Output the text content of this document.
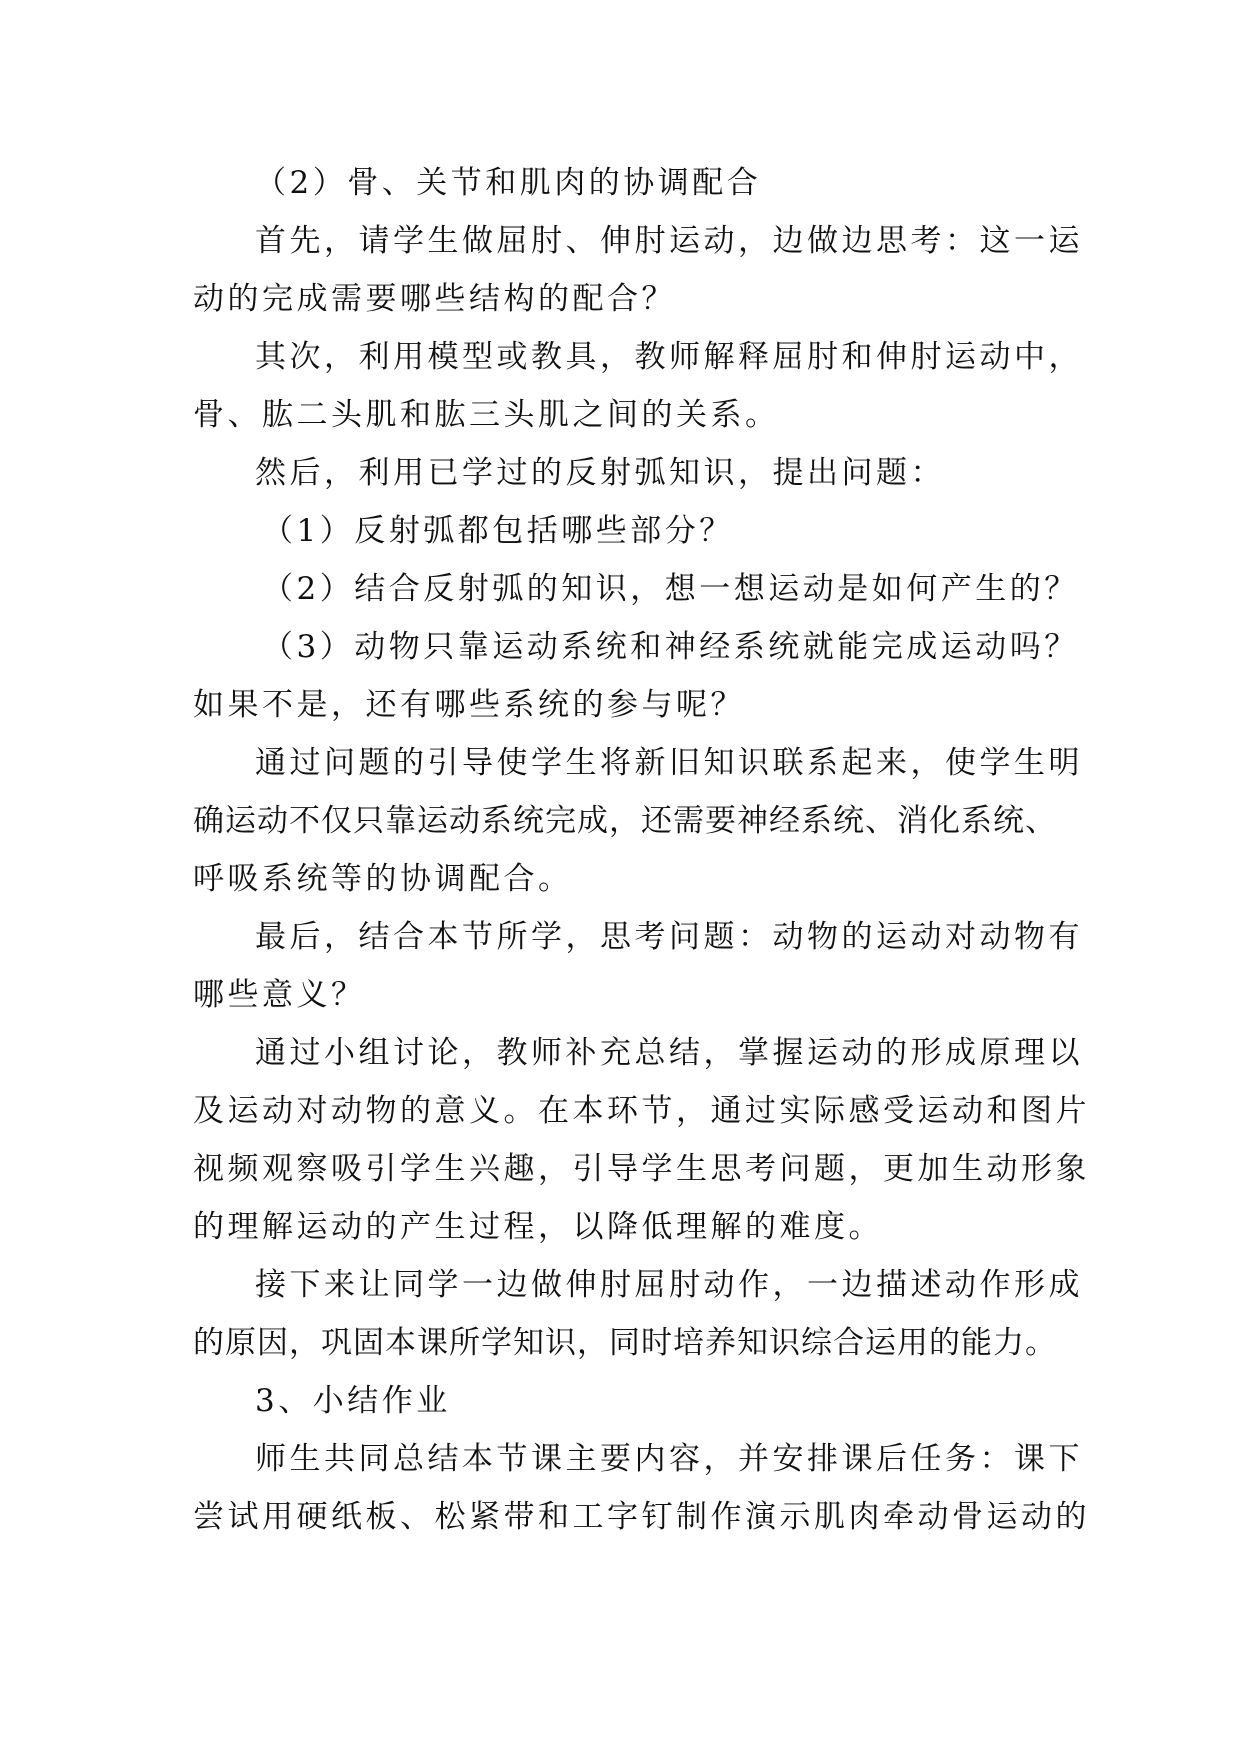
（2）骨、关节和肌肉的协调配合
首先，请学生做屈肘、伸肘运动，边做边思考：这一运
动的完成需要哪些结构的配合？
其次，利用模型或教具，教师解释屈肘和伸肘运动中，
骨、肱二头肌和肱三头肌之间的关系。
然后，利用已学过的反射弧知识，提出问题：
（1）反射弧都包括哪些部分？
（2）结合反射弧的知识，想一想运动是如何产生的？
（3）动物只靠运动系统和神经系统就能完成运动吗？
如果不是，还有哪些系统的参与呢？
通过问题的引导使学生将新旧知识联系起来，使学生明
确运动不仅只靠运动系统完成，还需要神经系统、消化系统、
呼吸系统等的协调配合。
最后，结合本节所学，思考问题：动物的运动对动物有
哪些意义？
通过小组讨论，教师补充总结，掌握运动的形成原理以
及运动对动物的意义。在本环节，通过实际感受运动和图片
视频观察吸引学生兴趣，引导学生思考问题，更加生动形象
的理解运动的产生过程，以降低理解的难度。
接下来让同学一边做伸肘屈肘动作，一边描述动作形成
的原因，巩固本课所学知识，同时培养知识综合运用的能力。
3、小结作业
师生共同总结本节课主要内容，并安排课后任务：课下
尝试用硬纸板、松紧带和工字钉制作演示肌肉牵动骨运动的
